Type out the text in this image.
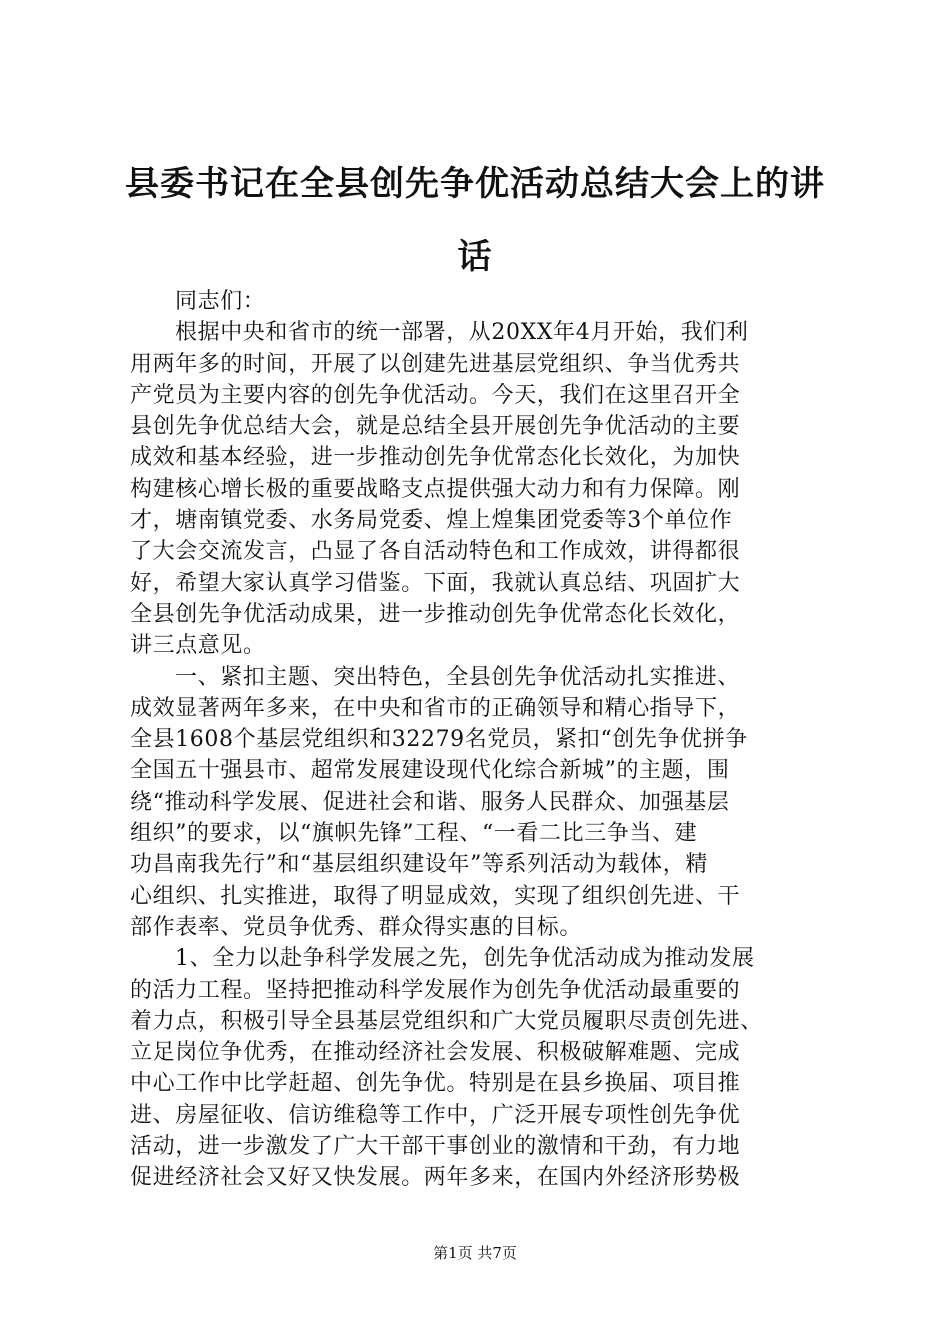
县委书记在全县创先争优活动总结大会上的讲
话
同志们：
根据中央和省市的统一部署，从20XX年4月开始，我们利
用两年多的时间，开展了以创建先进基层党组织、争当优秀共
产党员为主要内容的创先争优活动。今天，我们在这里召开全
县创先争优总结大会，就是总结全县开展创先争优活动的主要
成效和基本经验，进一步推动创先争优常态化长效化，为加快
构建核心增长极的重要战略支点提供强大动力和有力保障。刚
才，塘南镇党委、水务局党委、煌上煌集团党委等3个单位作
了大会交流发言，凸显了各自活动特色和工作成效，讲得都很
好，希望大家认真学习借鉴。下面，我就认真总结、巩固扩大
全县创先争优活动成果，进一步推动创先争优常态化长效化，
讲三点意见。
一、紧扣主题、突出特色，全县创先争优活动扎实推进、
成效显著两年多来，在中央和省市的正确领导和精心指导下，
全县1608个基层党组织和32279名党员，紧扣“创先争优拼争
全国五十强县市、超常发展建设现代化综合新城”的主题，围
绕“推动科学发展、促进社会和谐、服务人民群众、加强基层
组织”的要求，以“旗帜先锋”工程、“一看二比三争当、建
功昌南我先行”和“基层组织建设年”等系列活动为载体，精
心组织、扎实推进，取得了明显成效，实现了组织创先进、干
部作表率、党员争优秀、群众得实惠的目标。
1、全力以赴争科学发展之先，创先争优活动成为推动发展
的活力工程。坚持把推动科学发展作为创先争优活动最重要的
着力点，积极引导全县基层党组织和广大党员履职尽责创先进、
立足岗位争优秀，在推动经济社会发展、积极破解难题、完成
中心工作中比学赶超、创先争优。特别是在县乡换届、项目推
进、房屋征收、信访维稳等工作中，广泛开展专项性创先争优
活动，进一步激发了广大干部干事创业的激情和干劲，有力地
促进经济社会又好又快发展。两年多来，在国内外经济形势极
第1页 共7页
